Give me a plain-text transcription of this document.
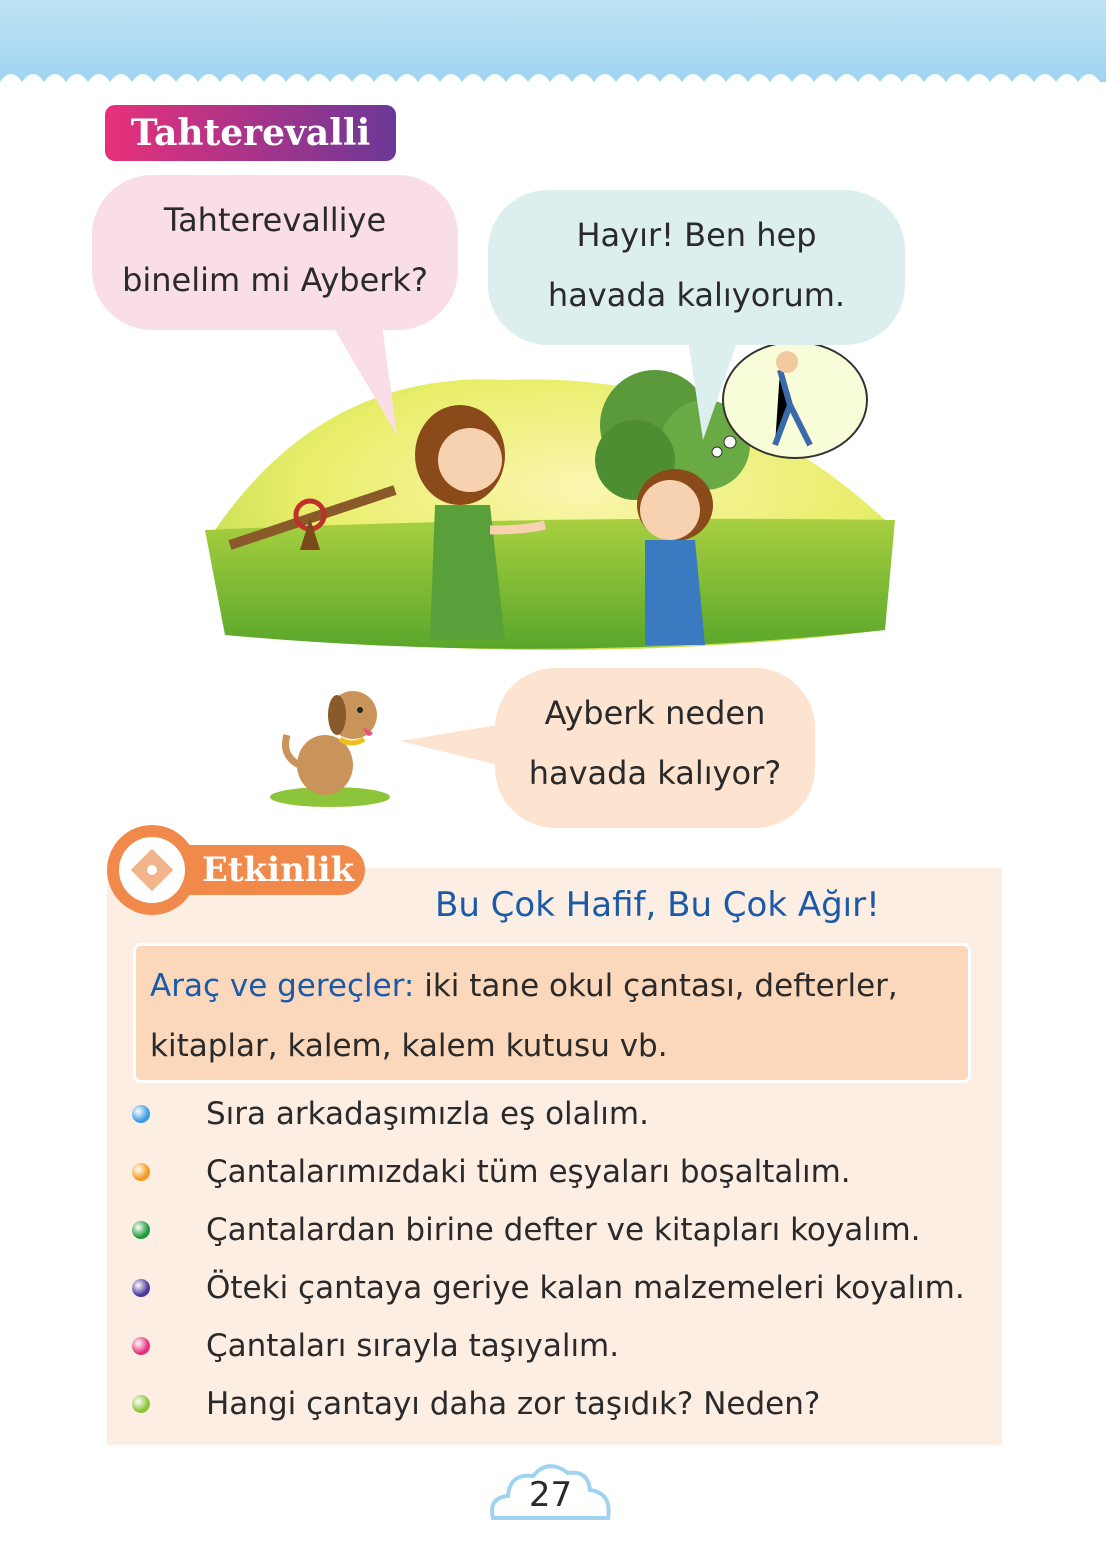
Tahterevalli
Tahterevalliye
binelim mi Ayberk?
Hayır! Ben hep
havada kalıyorum.
Ayberk neden
havada kalıyor?
Etkinlik
Bu Çok Hafif, Bu Çok Ağır!
Araç ve gereçler: iki tane okul çantası, defterler, kitaplar, kalem, kalem kutusu vb.
Sıra arkadaşımızla eş olalım.
Çantalarımızdaki tüm eşyaları boşaltalım.
Çantalardan birine defter ve kitapları koyalım.
Öteki çantaya geriye kalan malzemeleri koyalım.
Çantaları sırayla taşıyalım.
Hangi çantayı daha zor taşıdık? Neden?
27
